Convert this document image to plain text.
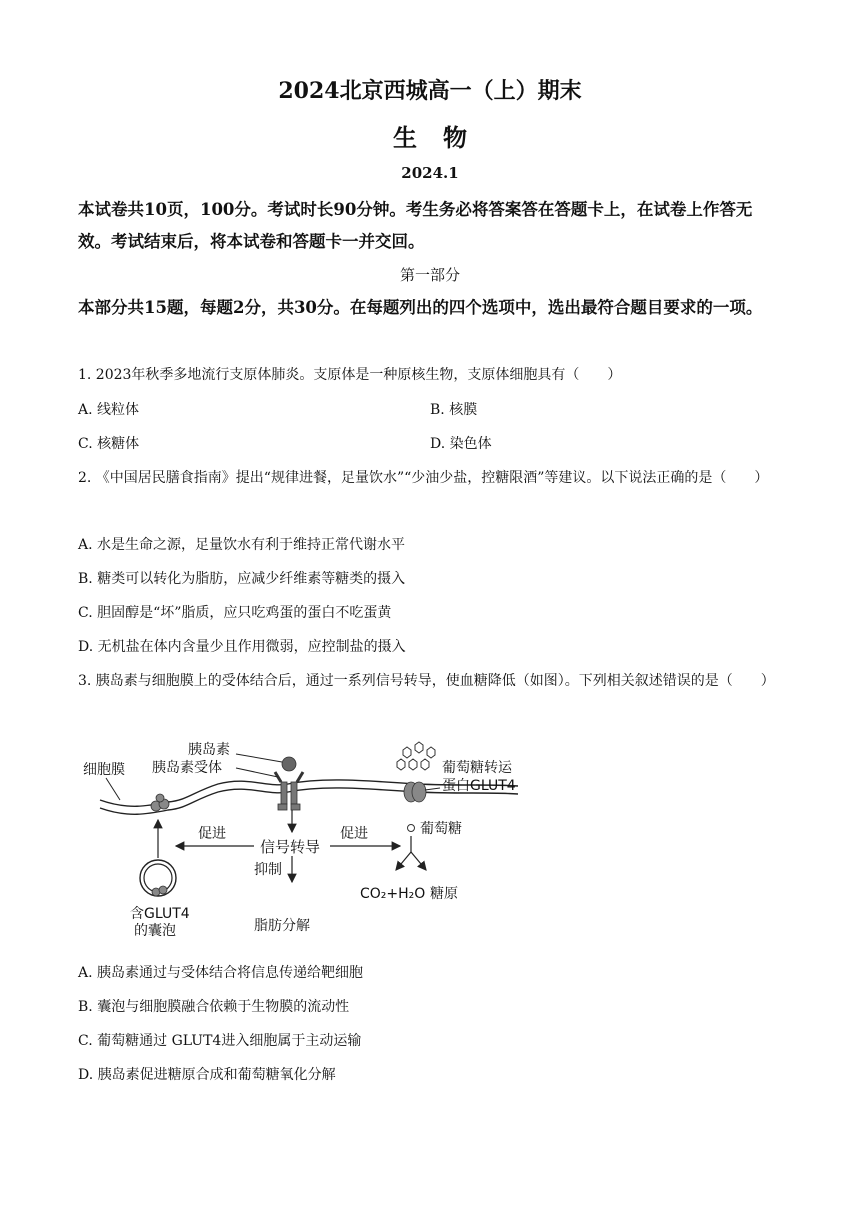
2024北京西城高一（上）期末
生物
2024.1
本试卷共10页，100分。考试时长90分钟。考生务必将答案答在答题卡上，在试卷上作答无效。考试结束后，将本试卷和答题卡一并交回。
第一部分
本部分共15题，每题2分，共30分。在每题列出的四个选项中，选出最符合题目要求的一项。
1. 2023年秋季多地流行支原体肺炎。支原体是一种原核生物，支原体细胞具有（　　）
A. 线粒体	B. 核膜
C. 核糖体	D. 染色体
2. 《中国居民膳食指南》提出“规律进餐，足量饮水”“少油少盐，控糖限酒”等建议。以下说法正确的是（　　）
A. 水是生命之源，足量饮水有利于维持正常代谢水平
B. 糖类可以转化为脂肪，应减少纤维素等糖类的摄入
C. 胆固醇是“坏”脂质，应只吃鸡蛋的蛋白不吃蛋黄
D. 无机盐在体内含量少且作用微弱，应控制盐的摄入
3. 胰岛素与细胞膜上的受体结合后，通过一系列信号转导，使血糖降低（如图）。下列相关叙述错误的是（　　）
细胞膜
胰岛素
胰岛素受体	葡萄糖转运
蛋白GLUT4
葡萄糖
促进	促进
信号转导
抑制
脂肪分解
含GLUT4
的囊泡
CO₂+H₂O 糖原
A. 胰岛素通过与受体结合将信息传递给靶细胞
B. 囊泡与细胞膜融合依赖于生物膜的流动性
C. 葡萄糖通过 GLUT4进入细胞属于主动运输
D. 胰岛素促进糖原合成和葡萄糖氧化分解
